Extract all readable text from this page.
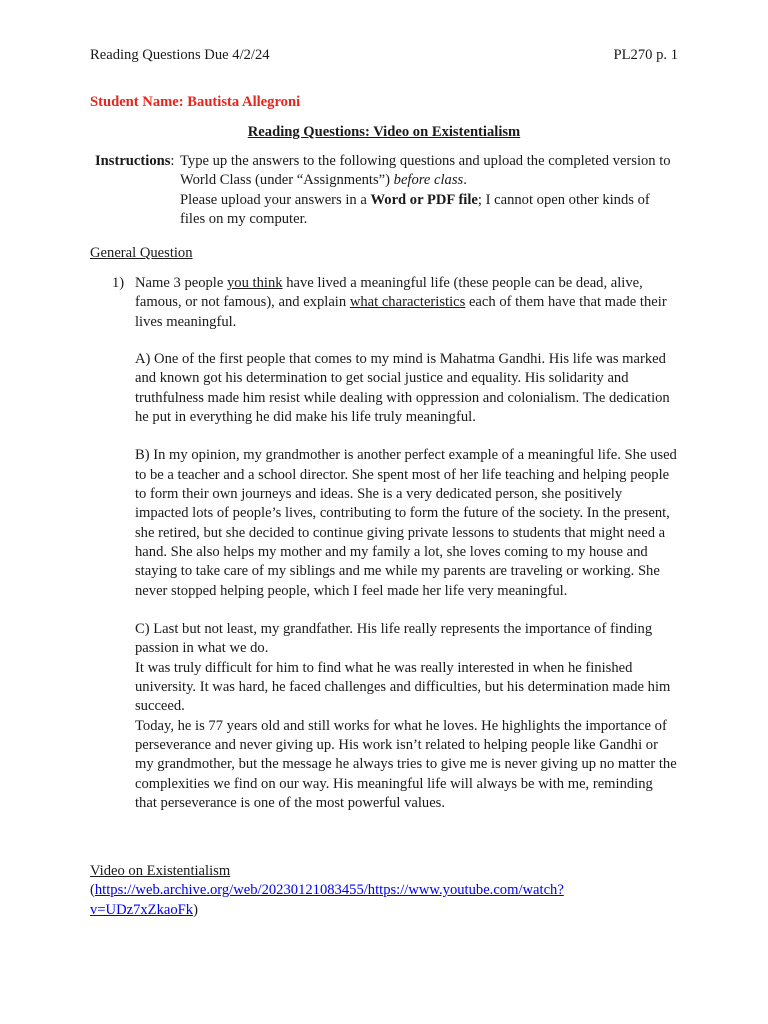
Reading Questions Due 4/2/24	PL270 p. 1
Student Name: Bautista Allegroni
Reading Questions: Video on Existentialism
Instructions: Type up the answers to the following questions and upload the completed version to World Class (under “Assignments”) before class.
Please upload your answers in a Word or PDF file; I cannot open other kinds of files on my computer.
General Question
1) Name 3 people you think have lived a meaningful life (these people can be dead, alive, famous, or not famous), and explain what characteristics each of them have that made their lives meaningful.

A) One of the first people that comes to my mind is Mahatma Gandhi. His life was marked and known got his determination to get social justice and equality. His solidarity and truthfulness made him resist while dealing with oppression and colonialism. The dedication he put in everything he did make his life truly meaningful.

B) In my opinion, my grandmother is another perfect example of a meaningful life. She used to be a teacher and a school director. She spent most of her life teaching and helping people to form their own journeys and ideas. She is a very dedicated person, she positively impacted lots of people’s lives, contributing to form the future of the society. In the present, she retired, but she decided to continue giving private lessons to students that might need a hand. She also helps my mother and my family a lot, she loves coming to my house and staying to take care of my siblings and me while my parents are traveling or working. She never stopped helping people, which I feel made her life very meaningful.

C) Last but not least, my grandfather. His life really represents the importance of finding passion in what we do.
It was truly difficult for him to find what he was really interested in when he finished university. It was hard, he faced challenges and difficulties, but his determination made him succeed.
Today, he is 77 years old and still works for what he loves. He highlights the importance of perseverance and never giving up. His work isn’t related to helping people like Gandhi or my grandmother, but the message he always tries to give me is never giving up no matter the complexities we find on our way. His meaningful life will always be with me, reminding that perseverance is one of the most powerful values.
Video on Existentialism
(https://web.archive.org/web/20230121083455/https://www.youtube.com/watch?
v=UDz7xZkaoFk)
